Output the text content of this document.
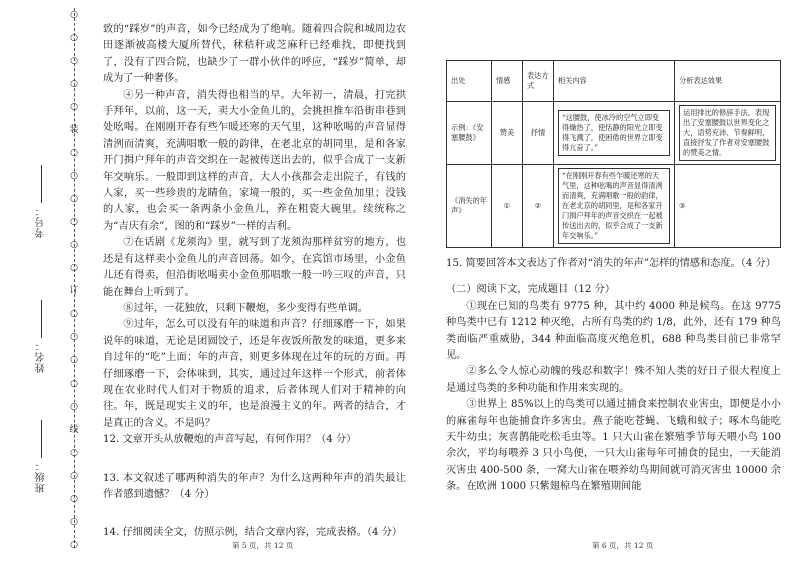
○
○
○
○
○
装
○
○
○
○
○
○
订
○
○
○
○
○
线
○
○
○
○
○
考号：
姓名：
班级：

致的“踩岁”的声音，如今已经成为了绝响。随着四合院和城周边农田逐渐被高楼大厦所替代，秫秸秆或芝麻秆已经难找，即便找到了，没有了四合院，也缺少了一群小伙伴的呼应，“踩岁”简单，却成为了一种奢侈。

④另一种声音，消失得也相当的早。大年初一，清晨，打完拱手拜年，以前，这一天，卖大小金鱼儿的，会挑担推车沿街串巷到处吆喝。在刚刚开春有些乍暖还寒的天气里，这种吆喝的声音显得清洌而清爽，充满唱歌一般的韵律，在老北京的胡同里，是和各家开门揖户拜年的声音交织在一起被传送出去的，似乎合成了一支新年交响乐。一般即到这样的声音，大人小孩都会走出院子，有钱的人家，买一些珍贵的龙睛鱼，家境一般的，买一些金鱼加里；没钱的人家，也会买一条两条小金鱼儿，养在粗瓷大碗里。续统称之为“吉庆有余”，图的和“踩岁”一样的吉利。

⑦在话剧《龙须沟》里，就写到了龙须沟那样贫穷的地方，也还是有这样卖小金鱼儿的声音回荡。如今，在宾馆市场里，小金鱼儿还有得卖，但沿街吆喝卖小金鱼那唱歌一般一吟三叹的声音，只能在舞台上听到了。

⑧过年，一花独放，只剩下鞭炮，多少变得有些单调。

⑨过年，怎么可以没有年的味道和声音？仔细琢磨一下，如果说年的味道，无论是团圆饺子，还是年夜饭所散发的味道，更多来自过年的“吃”上面；年的声音，则更多体现在过年的玩的方面。再仔细琢磨一下，会体味到，其实，通过过年这样一个形式，前者体现在农业时代人们对于物质的追求，后者体现人们对于精神的向往。年，既是现实主义的年，也是浪漫主义的年。两者的结合，才是真正的含义。不是吗？

12. 文章开头从放鞭炮的声音写起，有何作用？（4 分）

13. 本文叙述了哪两种消失的年声？为什么这两种年声的消失最让作者感到遗憾？（4 分）

14. 仔细阅读全文，仿照示例，结合文章内容，完成表格。（4 分）

出处	情感	表达方式	相关内容	分析表达效果
示例：《安塞腰鼓》	赞美	抒情	“这腰鼓，使冰冷的空气立即变得燥热了，使恬静的阳光立即变得飞溅了，使困倦的世界立即变得亢奋了。”	运用排比的修辞手法，表现出了安塞腰鼓以世界变化之大，语势充沛、节奏鲜明，直接抒发了作者对安塞腰鼓的赞美之情。

《消失的年声》	①	②	“在刚刚开春有些乍暖还寒的天气里，这种吆喝的声音显得清洌而清爽，充满唱歌一般的韵律，在老北京的胡同里，是和各家开门揖户拜年的声音交织在一起被传送出去的，似乎合成了一支新年交响乐。”	③

15. 简要回答本文表达了作者对“消失的年声”怎样的情感和态度。（4 分）

（二）阅读下文，完成题目（12 分）

①现在已知的鸟类有 9775 种，其中约 4000 种是候鸟。在这 9775 种鸟类中已有 1212 种灭绝，占所有鸟类的约 1/8，此外，还有 179 种鸟类面临严重威胁，344 种面临高度灭绝危机，688 种鸟类目前已非常罕见。

②多么令人惊心动魄的残忍和数字！殊不知人类的好日子很大程度上是通过鸟类的多种功能和作用来实现的。

③世界上 85%以上的鸟类可以通过捕食来控制农业害虫，即便是小小的麻雀每年也能捕食许多害虫。燕子能吃苍蝇、飞蛾和蚊子；啄木鸟能吃天牛幼虫；灰喜鹊能吃松毛虫等。1 只大山雀在繁殖季节每天喂小鸟 100 余次，平均每喂养 3 只小鸟便，一只大山雀每年可捕食的昆虫，一天能消灭害虫 400-500 条，一窝大山雀在喂养幼鸟期间就可消灭害虫 10000 余条。在欧洲 1000 只紫翅椋鸟在繁殖期间能

第 5 页，共 12 页	第 6 页，共 12 页
